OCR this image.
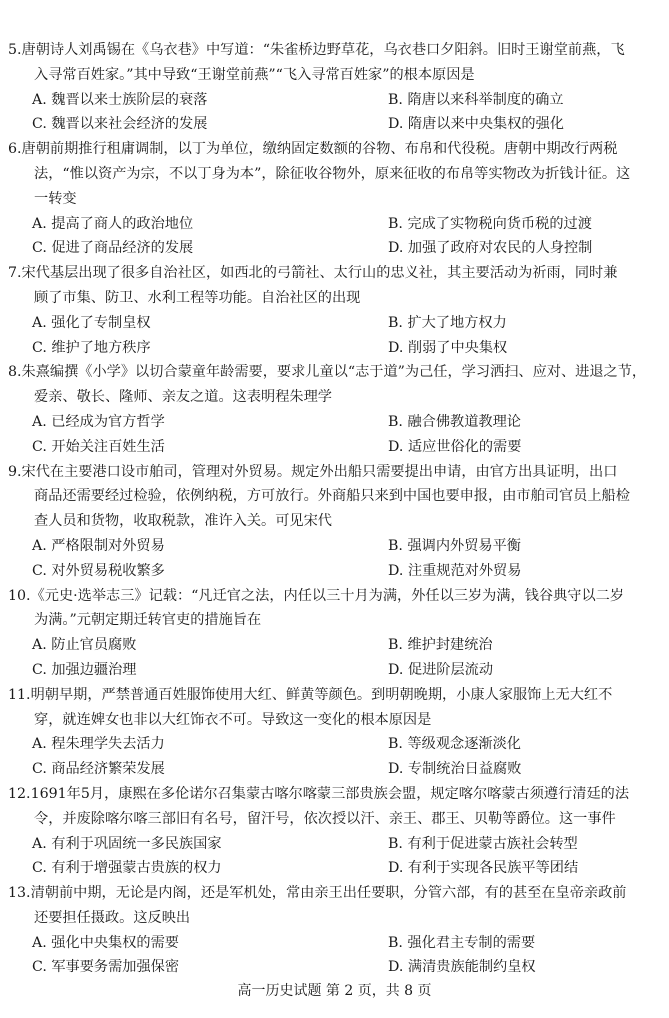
5.唐朝诗人刘禹锡在《乌衣巷》中写道：“朱雀桥边野草花，乌衣巷口夕阳斜。旧时王谢堂前燕，飞
入寻常百姓家。”其中导致“王谢堂前燕”“飞入寻常百姓家”的根本原因是
A. 魏晋以来士族阶层的衰落	B. 隋唐以来科举制度的确立
C. 魏晋以来社会经济的发展	D. 隋唐以来中央集权的强化
6.唐朝前期推行租庸调制，以丁为单位，缴纳固定数额的谷物、布帛和代役税。唐朝中期改行两税
法，“惟以资产为宗，不以丁身为本”，除征收谷物外，原来征收的布帛等实物改为折钱计征。这
一转变
A. 提高了商人的政治地位	B. 完成了实物税向货币税的过渡
C. 促进了商品经济的发展	D. 加强了政府对农民的人身控制
7.宋代基层出现了很多自治社区，如西北的弓箭社、太行山的忠义社，其主要活动为祈雨，同时兼
顾了市集、防卫、水利工程等功能。自治社区的出现
A. 强化了专制皇权	B. 扩大了地方权力
C. 维护了地方秩序	D. 削弱了中央集权
8.朱熹编撰《小学》以切合蒙童年龄需要，要求儿童以“志于道”为己任，学习洒扫、应对、进退之节，
爱亲、敬长、隆师、亲友之道。这表明程朱理学
A. 已经成为官方哲学	B. 融合佛教道教理论
C. 开始关注百姓生活	D. 适应世俗化的需要
9.宋代在主要港口设市舶司，管理对外贸易。规定外出船只需要提出申请，由官方出具证明，出口
商品还需要经过检验，依例纳税，方可放行。外商船只来到中国也要申报，由市舶司官员上船检
查人员和货物，收取税款，准许入关。可见宋代
A. 严格限制对外贸易	B. 强调内外贸易平衡
C. 对外贸易税收繁多	D. 注重规范对外贸易
10.《元史·选举志三》记载：“凡迁官之法，内任以三十月为满，外任以三岁为满，钱谷典守以二岁
为满。”元朝定期迁转官吏的措施旨在
A. 防止官员腐败	B. 维护封建统治
C. 加强边疆治理	D. 促进阶层流动
11.明朝早期，严禁普通百姓服饰使用大红、鲜黄等颜色。到明朝晚期，小康人家服饰上无大红不
穿，就连婢女也非以大红饰衣不可。导致这一变化的根本原因是
A. 程朱理学失去活力	B. 等级观念逐渐淡化
C. 商品经济繁荣发展	D. 专制统治日益腐败
12.1691年5月，康熙在多伦诺尔召集蒙古喀尔喀蒙三部贵族会盟，规定喀尔喀蒙古须遵行清廷的法
令，并废除喀尔喀三部旧有名号，留汗号，依次授以汗、亲王、郡王、贝勒等爵位。这一事件
A. 有利于巩固统一多民族国家	B. 有利于促进蒙古族社会转型
C. 有利于增强蒙古贵族的权力	D. 有利于实现各民族平等团结
13.清朝前中期，无论是内阁，还是军机处，常由亲王出任要职，分管六部，有的甚至在皇帝亲政前
还要担任摄政。这反映出
A. 强化中央集权的需要	B. 强化君主专制的需要
C. 军事要务需加强保密	D. 满清贵族能制约皇权
高一历史试题 第 2 页，共 8 页
